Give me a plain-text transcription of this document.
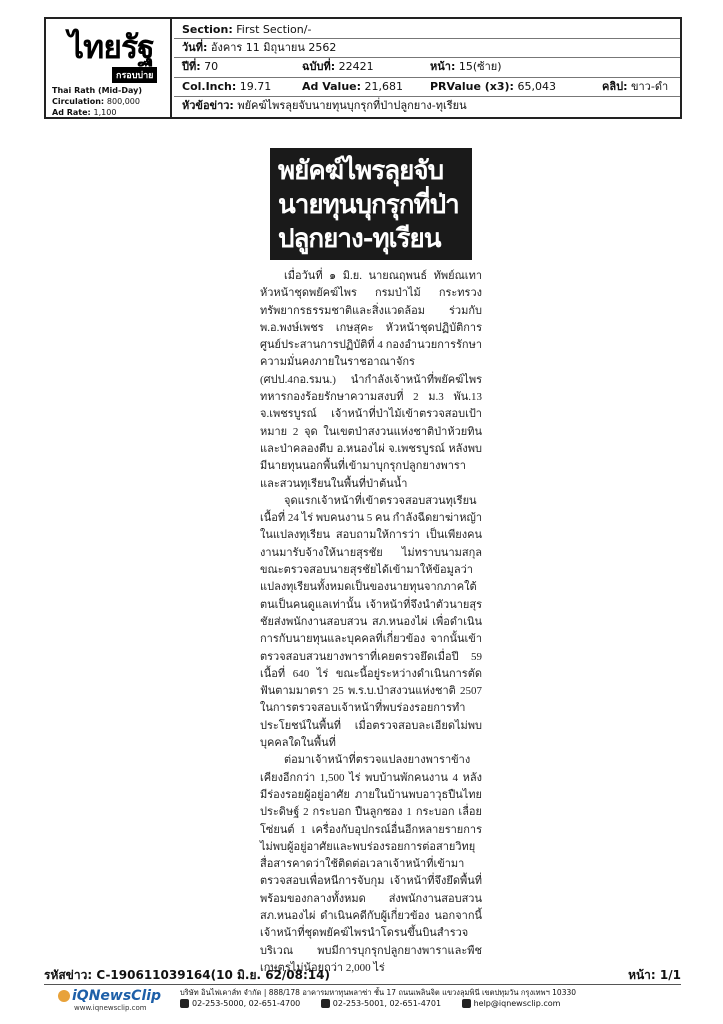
ไทยรัฐ
กรอบบ่าย
Thai Rath (Mid-Day)
Circulation: 800,000
Ad Rate: 1,100
Section: First Section/-
วันที่: อังคาร 11 มิถุนายน 2562
ปีที่: 70	ฉบับที่: 22421	หน้า: 15(ซ้าย)
Col.Inch: 19.71	Ad Value: 21,681 PRValue (x3): 65,043	คลิป: ขาว-ดำ
หัวข้อข่าว: พยัคฆ์ไพรลุยจับนายทุนบุกรุกที่ป่าปลูกยาง-ทุเรียน
พยัคฆ์ไพรลุยจับ
นายทุนบุกรุกที่ป่า
ปลูกยาง-ทุเรียน

เมื่อวันที่ ๑ มิ.ย. นายณฤพนธ์ ทัพย์ณเทา หัวหน้าชุดพยัคฆ์ไพร กรมป่าไม้ กระทรวงทรัพยากรธรรมชาติและสิ่งแวดล้อม ร่วมกับ พ.อ.พงษ์เพชร เกษสุคะ หัวหน้าชุดปฏิบัติการศูนย์ประสานการปฏิบัติที่ 4 กองอำนวยการรักษาความมั่นคงภายในราชอาณาจักร (ศปป.4กอ.รมน.) นำกำลังเจ้าหน้าที่พยัคฆ์ไพร ทหารกองร้อยรักษาความสงบที่ 2 ม.3 พัน.13 จ.เพชรบูรณ์ เจ้าหน้าที่ป่าไม้เข้าตรวจสอบเป้าหมาย 2 จุด ในเขตป่าสงวนแห่งชาติป่าห้วยทินและป่าคลองตีบ อ.หนองไผ่ จ.เพชรบูรณ์ หลังพบมีนายทุนนอกพื้นที่เข้ามาบุกรุกปลูกยางพาราและสวนทุเรียนในพื้นที่ป่าต้นน้ำ

จุดแรกเจ้าหน้าที่เข้าตรวจสอบสวนทุเรียนเนื้อที่ 24 ไร่ พบคนงาน 5 คน กำลังฉีดยาฆ่าหญ้าในแปลงทุเรียน สอบถามให้การว่า เป็นเพียงคนงานมารับจ้างให้นายสุรชัย ไม่ทราบนามสกุล ขณะตรวจสอบนายสุรชัยได้เข้ามาให้ข้อมูลว่า แปลงทุเรียนทั้งหมดเป็นของนายทุนจากภาคใต้ตนเป็นคนดูแลเท่านั้น เจ้าหน้าที่จึงนำตัวนายสุรชัยส่งพนักงานสอบสวน สภ.หนองไผ่ เพื่อดำเนินการกับนายทุนและบุคคลที่เกี่ยวข้อง จากนั้นเข้าตรวจสอบสวนยางพาราที่เคยตรวจยึดเมื่อปี 59 เนื้อที่ 640 ไร่ ขณะนี้อยู่ระหว่างดำเนินการตัดฟันตามมาตรา 25 พ.ร.บ.ป่าสงวนแห่งชาติ 2507 ในการตรวจสอบเจ้าหน้าที่พบร่องรอยการทำประโยชน์ในพื้นที่ เมื่อตรวจสอบละเอียดไม่พบบุคคลใดในพื้นที่

ต่อมาเจ้าหน้าที่ตรวจแปลงยางพาราข้างเคียงอีกกว่า 1,500 ไร่ พบบ้านพักคนงาน 4 หลัง มีร่องรอยผู้อยู่อาศัย ภายในบ้านพบอาวุธปืนไทยประดิษฐ์ 2 กระบอก ปืนลูกซอง 1 กระบอก เลื่อยโซ่ยนต์ 1 เครื่องกับอุปกรณ์อื่นอีกหลายรายการ ไม่พบผู้อยู่อาศัยและพบร่องรอยการต่อสายวิทยุสื่อสารคาดว่าใช้ติดต่อเวลาเจ้าหน้าที่เข้ามาตรวจสอบเพื่อหนีการจับกุม เจ้าหน้าที่จึงยึดพื้นที่พร้อมของกลางทั้งหมด ส่งพนักงานสอบสวน สภ.หนองไผ่ ดำเนินคดีกับผู้เกี่ยวข้อง นอกจากนี้เจ้าหน้าที่ชุดพยัคฆ์ไพรนำโดรนขึ้นบินสำรวจบริเวณ พบมีการบุกรุกปลูกยางพาราและพืชเกษตรไม่น้อยกว่า 2,000 ไร่

รหัสข่าว: C-190611039164(10 มิ.ย. 62/08:14)	หน้า: 1/1
iQNewsClip
www.iqnewsclip.com
บริษัท อินไฟเคาส์ท จำกัด | 888/178 อาคารมหาทุนพลาซ่า ชั้น 17 ถนนเพลินจิต แขวงลุมพินี เขตปทุมวัน กรุงเทพฯ 10330
02-253-5000, 02-651-4700	02-253-5001, 02-651-4701	help@iqnewsclip.com
